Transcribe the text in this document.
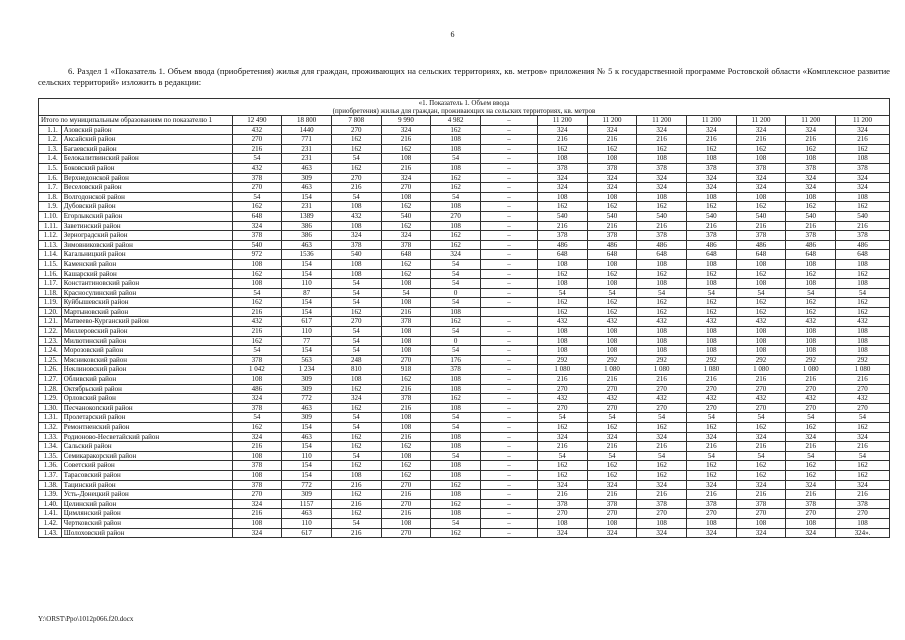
6
6. Раздел 1 «Показатель 1. Объем ввода (приобретения) жилья для граждан, проживающих на сельских территориях, кв. метров» приложения № 5 к государственной программе Ростовской области «Комплексное развитие сельских территорий» изложить в редакции:
«1. Показатель 1. Объем ввода
(приобретения) жилья для граждан, проживающих на сельских территориях, кв. метров														

Итого по муниципальным образованиям по показателю 1		12 490	18 800	7 808	9 990	4 982	–	11 200	11 200	11 200	11 200	11 200	11 200	11 200
1.1.	Азовский район	432	1440	270	324	162	–	324	324	324	324	324	324	324
1.2.	Аксайский район	270	771	162	216	108	–	216	216	216	216	216	216	216
1.3.	Багаевский район	216	231	162	162	108	–	162	162	162	162	162	162	162
1.4.	Белокалитвинский район	54	231	54	108	54	–	108	108	108	108	108	108	108
1.5.	Боковский район	432	463	162	216	108	–	378	378	378	378	378	378	378
1.6.	Верхнедонской район	378	309	270	324	162	–	324	324	324	324	324	324	324
1.7.	Веселовский район	270	463	216	270	162	–	324	324	324	324	324	324	324
1.8.	Волгодонской район	54	154	54	108	54	–	108	108	108	108	108	108	108
1.9.	Дубовский район	162	231	108	162	108	–	162	162	162	162	162	162	162
1.10.	Егорлыкский район	648	1389	432	540	270	–	540	540	540	540	540	540	540
1.11.	Заветинский район	324	386	108	162	108	–	216	216	216	216	216	216	216
1.12.	Зерноградский район	378	386	324	324	162	–	378	378	378	378	378	378	378
1.13.	Зимовниковский район	540	463	378	378	162	–	486	486	486	486	486	486	486
1.14.	Кагальницкий район	972	1536	540	648	324	–	648	648	648	648	648	648	648
1.15.	Каменский район	108	154	108	162	54	–	108	108	108	108	108	108	108
1.16.	Кашарский район	162	154	108	162	54	–	162	162	162	162	162	162	162
1.17.	Константиновский район	108	110	54	108	54	–	108	108	108	108	108	108	108
1.18.	Красносулинский район	54	87	54	54	0	–	54	54	54	54	54	54	54
1.19.	Куйбышевский район	162	154	54	108	54	–	162	162	162	162	162	162	162
1.20.	Мартыновский район	216	154	162	216	108		162	162	162	162	162	162	162
1.21.	Матвеево-Курганский район	432	617	270	378	162	–	432	432	432	432	432	432	432
1.22.	Миллеровский район	216	110	54	108	54	–	108	108	108	108	108	108	108
1.23.	Милютинский район	162	77	54	108	0	–	108	108	108	108	108	108	108
1.24.	Морозовский район	54	154	54	108	54	–	108	108	108	108	108	108	108
1.25.	Мясниковский район	378	563	248	270	176	–	292	292	292	292	292	292	292
1.26.	Неклиновский район	1 042	1 234	810	918	378	–	1 080	1 080	1 080	1 080	1 080	1 080	1 080
1.27.	Обливский район	108	309	108	162	108	–	216	216	216	216	216	216	216
1.28.	Октябрьский район	486	309	162	216	108	–	270	270	270	270	270	270	270
1.29.	Орловский район	324	772	324	378	162	–	432	432	432	432	432	432	432
1.30.	Песчанокопский район	378	463	162	216	108	–	270	270	270	270	270	270	270
1.31.	Пролетарский район	54	309	54	108	54	–	54	54	54	54	54	54	54
1.32.	Ремонтненский район	162	154	54	108	54	–	162	162	162	162	162	162	162
1.33.	Родионово-Несветайский район	324	463	162	216	108	–	324	324	324	324	324	324	324
1.34.	Сальский район	216	154	162	162	108	–	216	216	216	216	216	216	216
1.35.	Семикаракорский район	108	110	54	108	54	–	54	54	54	54	54	54	54
1.36.	Советский район	378	154	162	162	108	–	162	162	162	162	162	162	162
1.37.	Тарасовский район	108	154	108	162	108	–	162	162	162	162	162	162	162
1.38.	Тацинский район	378	772	216	270	162	–	324	324	324	324	324	324	324
1.39.	Усть-Донецкий район	270	309	162	216	108	–	216	216	216	216	216	216	216
1.40.	Целинский район	324	1157	216	270	162	–	378	378	378	378	378	378	378
1.41.	Цимлянский район	216	463	162	216	108	–	270	270	270	270	270	270	270
1.42.	Чертковский район	108	110	54	108	54	–	108	108	108	108	108	108	108
1.43.	Шолоховский район	324	617	216	270	162	–	324	324	324	324	324	324	324».
Y:\ORST\Ppo\1012p066.f20.docx
